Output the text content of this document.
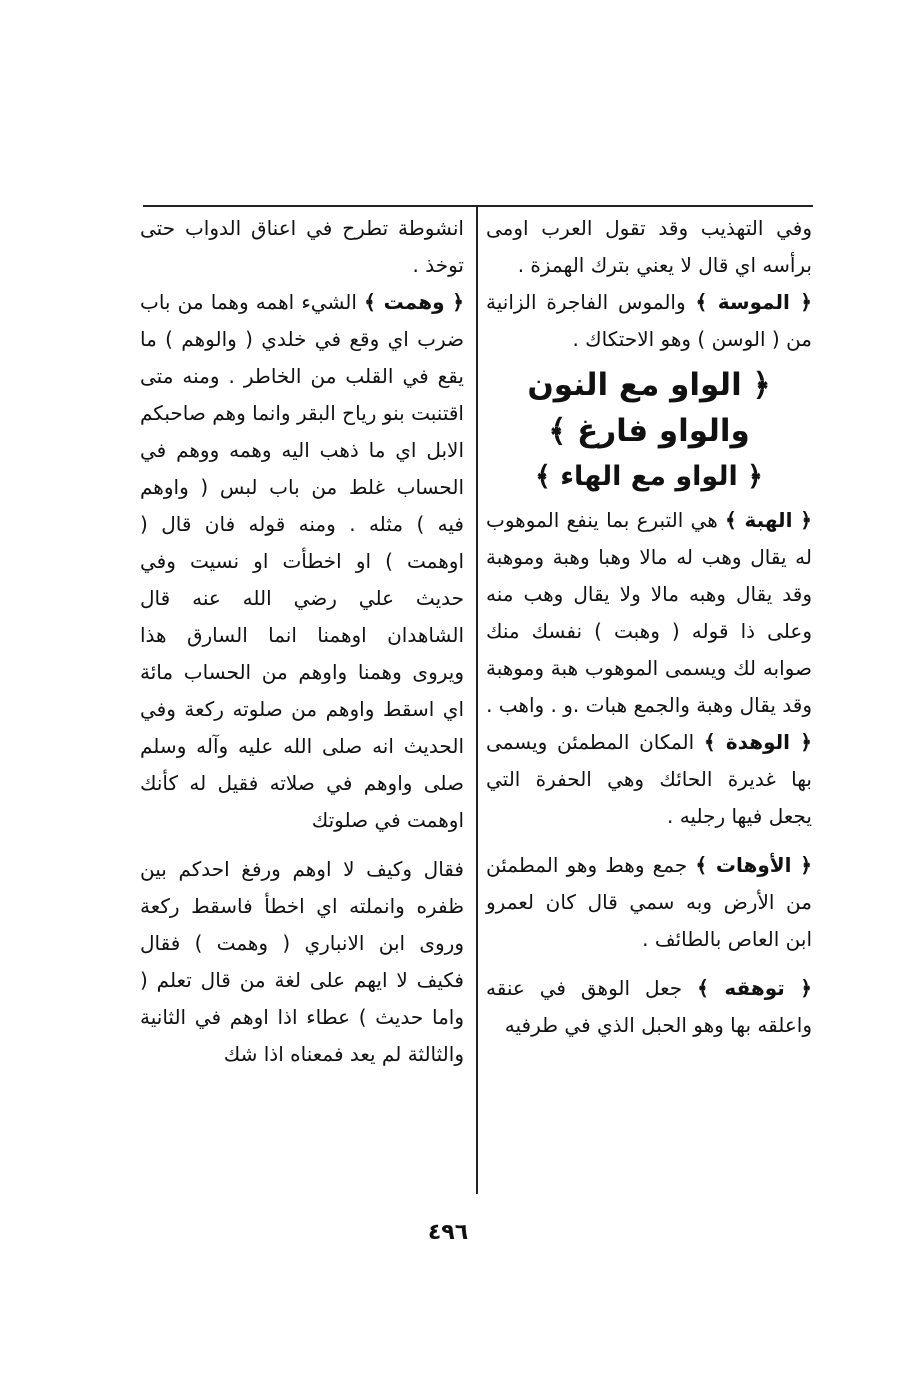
وفي التهذيب وقد تقول العرب اومى برأسه اي قال لا يعني بترك الهمزة .

﴿ الموسة ﴾ والموس الفاجرة الزانية من ( الوسن ) وهو الاحتكاك .

﴿ الواو مع النون والواو فارغ ﴾
﴿ الواو مع الهاء ﴾

﴿ الهبة ﴾ هي التبرع بما ينفع الموهوب له يقال وهب له مالا وهبا وهبة وموهبة وقد يقال وهبه مالا ولا يقال وهب منه وعلى ذا قوله ( وهبت ) نفسك منك صوابه لك ويسمى الموهوب هبة وموهبة وقد يقال وهبة والجمع هبات .و . واهب .

﴿ الوهدة ﴾ المكان المطمئن ويسمى بها غديرة الحائك وهي الحفرة التي يجعل فيها رجليه .

﴿ الأوهات ﴾ جمع وهط وهو المطمئن من الأرض وبه سمي قال كان لعمرو ابن العاص بالطائف .

﴿ توهقه ﴾ جعل الوهق في عنقه واعلقه بها وهو الحبل الذي في طرفيه

انشوطة تطرح في اعناق الدواب حتى توخذ .

﴿ وهمت ﴾ الشيء اهمه وهما من باب ضرب اي وقع في خلدي ( والوهم ) ما يقع في القلب من الخاطر . ومنه متى اقتنبت بنو رياح البقر وانما وهم صاحبكم الابل اي ما ذهب اليه وهمه ووهم في الحساب غلط من باب لبس ( واوهم فيه ) مثله . ومنه قوله فان قال ( اوهمت ) او اخطأت او نسيت وفي حديث علي رضي الله عنه قال الشاهدان اوهمنا انما السارق هذا ويروى وهمنا واوهم من الحساب مائة اي اسقط واوهم من صلوته ركعة وفي الحديث انه صلى الله عليه وآله وسلم صلى واوهم في صلاته فقيل له كأنك اوهمت في صلوتك

فقال وكيف لا اوهم ورفغ احدكم بين ظفره وانملته اي اخطأ فاسقط ركعة وروى ابن الانباري ( وهمت ) فقال فكيف لا ايهم على لغة من قال تعلم ( واما حديث ) عطاء اذا اوهم في الثانية والثالثة لم يعد فمعناه اذا شك

٤٩٦
